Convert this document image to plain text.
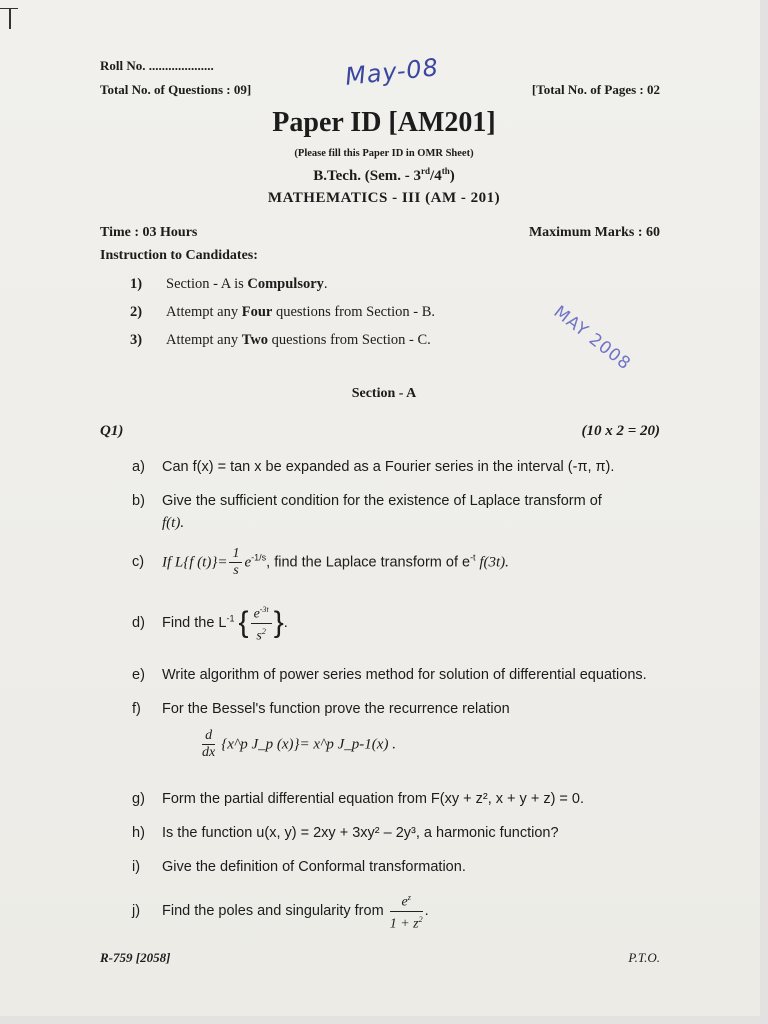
Roll No. ....................
Total No. of Questions : 09]	[Total No. of Pages : 02
May-08
Paper ID [AM201]
(Please fill this Paper ID in OMR Sheet)
B.Tech. (Sem. - 3rd/4th)
MATHEMATICS - III (AM - 201)
Time : 03 Hours	Maximum Marks : 60
Instruction to Candidates:
1) Section - A is Compulsory.
2) Attempt any Four questions from Section - B.
3) Attempt any Two questions from Section - C.	MAY 2008
Section - A
Q1)	(10 x 2 = 20)
a) Can f(x) = tan x be expanded as a Fourier series in the interval (-π, π).
b) Give the sufficient condition for the existence of Laplace transform of
f(t).
c) If L{f $(t)\}= \frac{1}{s} e^{-1/s}$, find the Laplace transform of $e^{-t}$ f(3t).
d) Find the $L^{-1}$ { $\frac{e^{-3t}}{s^2}$ }.
e) Write algorithm of power series method for solution of differential equations.
f) For the Bessel's function prove the recurrence relation
$\frac{d}{dx}$ {x^p J_p (x)}= x^p J_p-1(x) .
g) Form the partial differential equation from F(xy + z², x + y + z) = 0.
h) Is the function u(x, y) = 2xy + 3xy² – 2y³, a harmonic function?
i) Give the definition of Conformal transformation.
j) Find the poles and singularity from $\frac{e^z}{1 + z^2}$ .
R-759 [2058]	P.T.O.
